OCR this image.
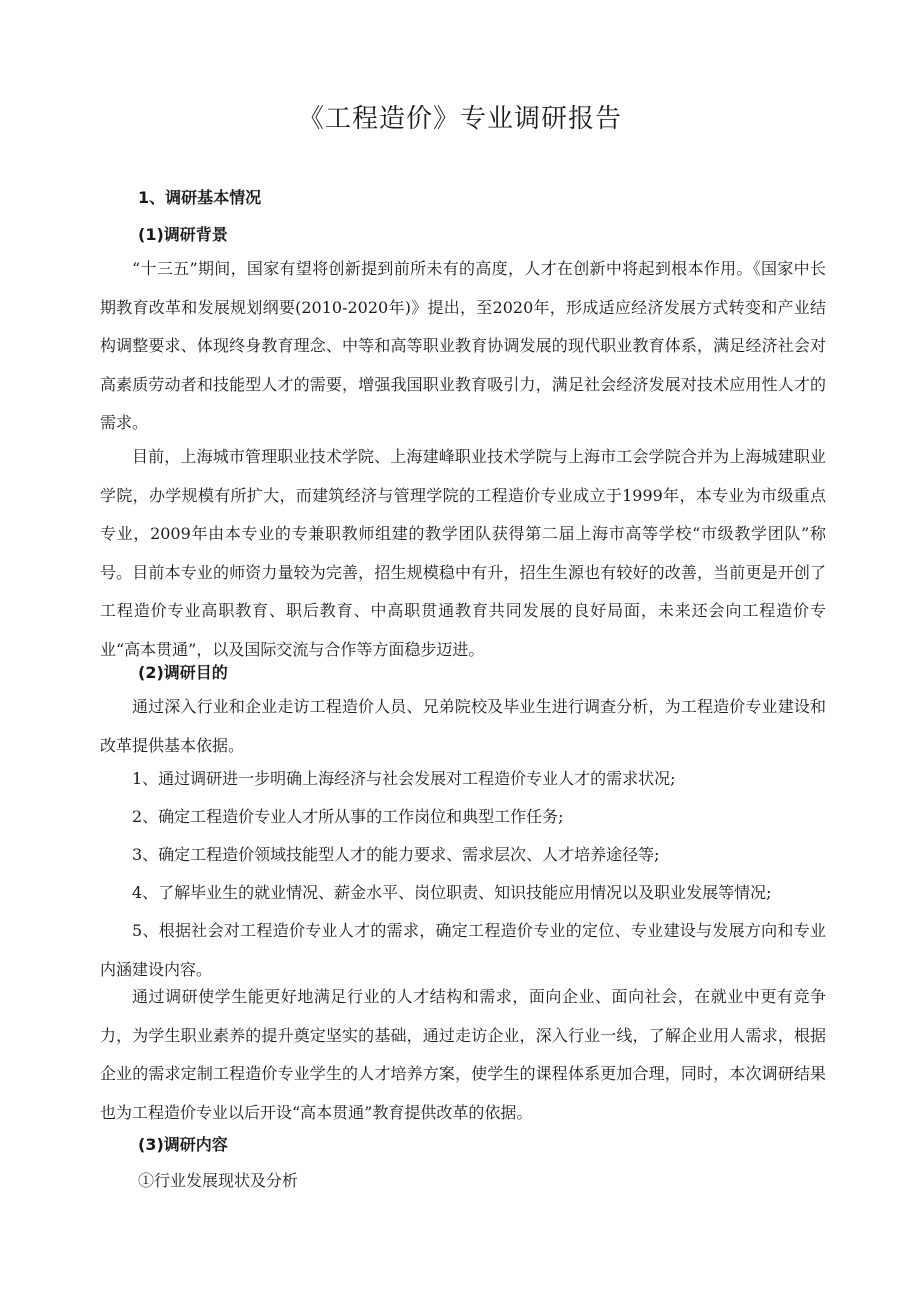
《工程造价》专业调研报告
1、调研基本情况
(1)调研背景

“十三五”期间，国家有望将创新提到前所未有的高度，人才在创新中将起到根本作用。《国家中长期教育改革和发展规划纲要(2010-2020年)》提出，至2020年，形成适应经济发展方式转变和产业结构调整要求、体现终身教育理念、中等和高等职业教育协调发展的现代职业教育体系，满足经济社会对高素质劳动者和技能型人才的需要，增强我国职业教育吸引力，满足社会经济发展对技术应用性人才的需求。

目前，上海城市管理职业技术学院、上海建峰职业技术学院与上海市工会学院合并为上海城建职业学院，办学规模有所扩大，而建筑经济与管理学院的工程造价专业成立于1999年，本专业为市级重点专业，2009年由本专业的专兼职教师组建的教学团队获得第二届上海市高等学校“市级教学团队”称号。目前本专业的师资力量较为完善，招生规模稳中有升，招生生源也有较好的改善，当前更是开创了工程造价专业高职教育、职后教育、中高职贯通教育共同发展的良好局面，未来还会向工程造价专业“高本贯通”，以及国际交流与合作等方面稳步迈进。

(2)调研目的

通过深入行业和企业走访工程造价人员、兄弟院校及毕业生进行调查分析，为工程造价专业建设和改革提供基本依据。

1、通过调研进一步明确上海经济与社会发展对工程造价专业人才的需求状况;

2、确定工程造价专业人才所从事的工作岗位和典型工作任务;

3、确定工程造价领域技能型人才的能力要求、需求层次、人才培养途径等;

4、了解毕业生的就业情况、薪金水平、岗位职责、知识技能应用情况以及职业发展等情况;

5、根据社会对工程造价专业人才的需求，确定工程造价专业的定位、专业建设与发展方向和专业内涵建设内容。

通过调研使学生能更好地满足行业的人才结构和需求，面向企业、面向社会，在就业中更有竞争力，为学生职业素养的提升奠定坚实的基础，通过走访企业，深入行业一线，了解企业用人需求，根据企业的需求定制工程造价专业学生的人才培养方案，使学生的课程体系更加合理，同时，本次调研结果也为工程造价专业以后开设“高本贯通”教育提供改革的依据。

(3)调研内容
①行业发展现状及分析
